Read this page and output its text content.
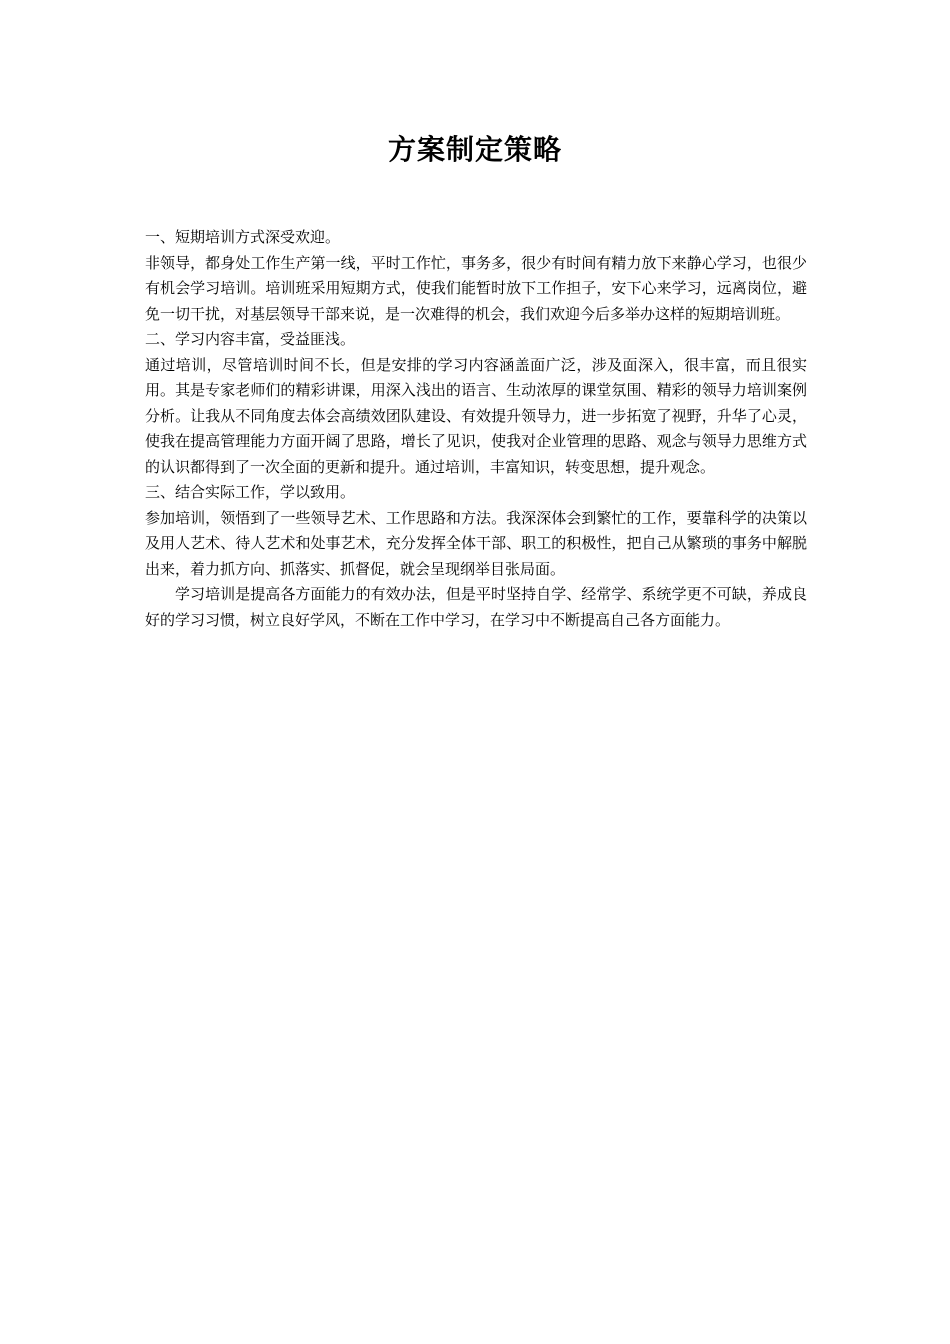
方案制定策略

一、短期培训方式深受欢迎。

非领导，都身处工作生产第一线，平时工作忙，事务多，很少有时间有精力放下来静心学习，也很少有机会学习培训。培训班采用短期方式，使我们能暂时放下工作担子，安下心来学习，远离岗位，避免一切干扰，对基层领导干部来说，是一次难得的机会，我们欢迎今后多举办这样的短期培训班。

二、学习内容丰富，受益匪浅。

通过培训，尽管培训时间不长，但是安排的学习内容涵盖面广泛，涉及面深入，很丰富，而且很实用。其是专家老师们的精彩讲课，用深入浅出的语言、生动浓厚的课堂氛围、精彩的领导力培训案例分析。让我从不同角度去体会高绩效团队建设、有效提升领导力，进一步拓宽了视野，升华了心灵，使我在提高管理能力方面开阔了思路，增长了见识，使我对企业管理的思路、观念与领导力思维方式的认识都得到了一次全面的更新和提升。通过培训，丰富知识，转变思想，提升观念。

三、结合实际工作，学以致用。

参加培训，领悟到了一些领导艺术、工作思路和方法。我深深体会到繁忙的工作，要靠科学的决策以及用人艺术、待人艺术和处事艺术，充分发挥全体干部、职工的积极性，把自己从繁琐的事务中解脱出来，着力抓方向、抓落实、抓督促，就会呈现纲举目张局面。

学习培训是提高各方面能力的有效办法，但是平时坚持自学、经常学、系统学更不可缺，养成良好的学习习惯，树立良好学风，不断在工作中学习，在学习中不断提高自己各方面能力。
